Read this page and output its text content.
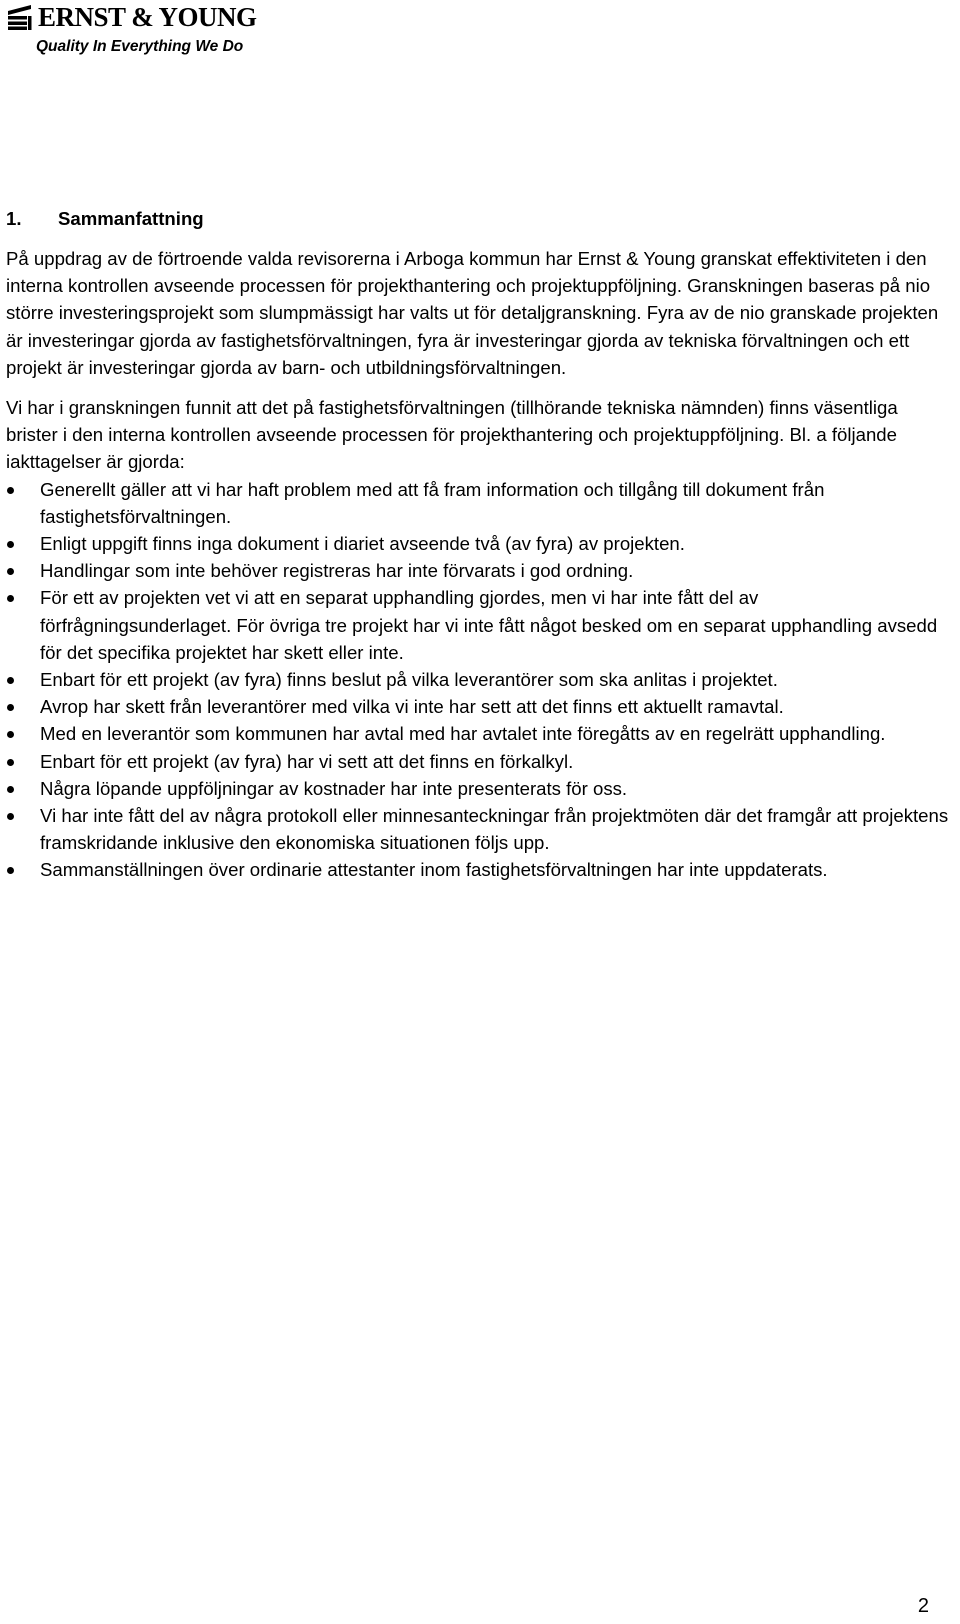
ERNST & YOUNG
Quality In Everything We Do
1.	Sammanfattning

På uppdrag av de förtroende valda revisorerna i Arboga kommun har Ernst & Young granskat effektiviteten i den interna kontrollen avseende processen för projekthantering och projektuppföljning. Granskningen baseras på nio större investeringsprojekt som slumpmässigt har valts ut för detaljgranskning. Fyra av de nio granskade projekten är investeringar gjorda av fastighetsförvaltningen, fyra är investeringar gjorda av tekniska förvaltningen och ett projekt är investeringar gjorda av barn- och utbildningsförvaltningen.

Vi har i granskningen funnit att det på fastighetsförvaltningen (tillhörande tekniska nämnden) finns väsentliga brister i den interna kontrollen avseende processen för projekthantering och projektuppföljning. Bl. a följande iakttagelser är gjorda:

Generellt gäller att vi har haft problem med att få fram information och tillgång till dokument från fastighetsförvaltningen.
Enligt uppgift finns inga dokument i diariet avseende två (av fyra) av projekten.
Handlingar som inte behöver registreras har inte förvarats i god ordning.
För ett av projekten vet vi att en separat upphandling gjordes, men vi har inte fått del av förfrågningsunderlaget. För övriga tre projekt har vi inte fått något besked om en separat upphandling avsedd för det specifika projektet har skett eller inte.
Enbart för ett projekt (av fyra) finns beslut på vilka leverantörer som ska anlitas i projektet.
Avrop har skett från leverantörer med vilka vi inte har sett att det finns ett aktuellt ramavtal.
Med en leverantör som kommunen har avtal med har avtalet inte föregåtts av en regelrätt upphandling.
Enbart för ett projekt (av fyra) har vi sett att det finns en förkalkyl.
Några löpande uppföljningar av kostnader har inte presenterats för oss.
Vi har inte fått del av några protokoll eller minnesanteckningar från projektmöten där det framgår att projektens framskridande inklusive den ekonomiska situationen följs upp.
Sammanställningen över ordinarie attestanter inom fastighetsförvaltningen har inte uppdaterats.
2
